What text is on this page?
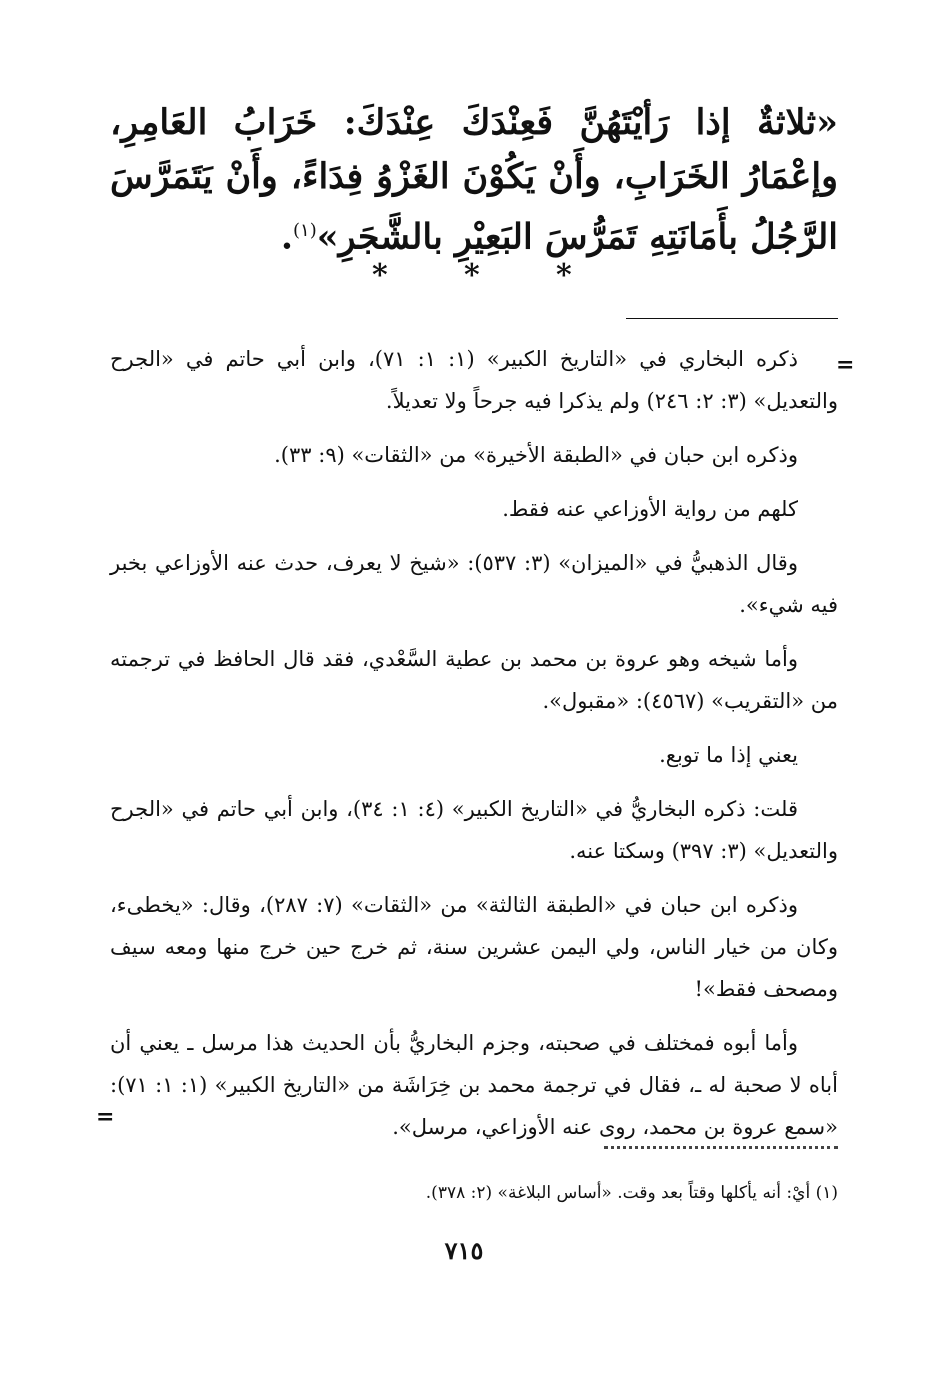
«ثلاثةٌ إذا رَأيْتَهُنَّ فَعِنْدَكَ عِنْدَكَ: خَرَابُ العَامِرِ، وإعْمَارُ الخَرَابِ، وأَنْ يَكُوْنَ الغَزْوُ فِدَاءً، وأَنْ يَتَمَرَّسَ الرَّجُلُ بأَمَانَتِهِ تَمَرُّسَ البَعِيْرِ بالشَّجَرِ»$^{(١)}$.

*	*	*

ذكره البخاري في «التاريخ الكبير» (١: ١: ٧١)، وابن أبي حاتم في «الجرح والتعديل» (٣: ٢: ٢٤٦) ولم يذكرا فيه جرحاً ولا تعديلاً.

وذكره ابن حبان في «الطبقة الأخيرة» من «الثقات» (٩: ٣٣).

كلهم من رواية الأوزاعي عنه فقط.

وقال الذهبيُّ في «الميزان» (٣: ٥٣٧): «شيخ لا يعرف، حدث عنه الأوزاعي بخبر فيه شيء».

وأما شيخه وهو عروة بن محمد بن عطية السَّعْدي، فقد قال الحافظ في ترجمته من «التقريب» (٤٥٦٧): «مقبول».

يعني إذا ما توبع.

قلت: ذكره البخاريُّ في «التاريخ الكبير» (٤: ١: ٣٤)، وابن أبي حاتم في «الجرح والتعديل» (٣: ٣٩٧) وسكتا عنه.

وذكره ابن حبان في «الطبقة الثالثة» من «الثقات» (٧: ٢٨٧)، وقال: «يخطىء، وكان من خيار الناس، ولي اليمن عشرين سنة، ثم خرج حين خرج منها ومعه سيف ومصحف فقط»!

وأما أبوه فمختلف في صحبته، وجزم البخاريُّ بأن الحديث هذا مرسل ـ يعني أن أباه لا صحبة له ـ، فقال في ترجمة محمد بن خِرَاشَة من «التاريخ الكبير» (١: ١: ٧١): «سمع عروة بن محمد، روى عنه الأوزاعي، مرسل».

(١) أيْ: أنه يأكلها وقتاً بعد وقت. «أساس البلاغة» (٢: ٣٧٨).

=
=
٧١٥
